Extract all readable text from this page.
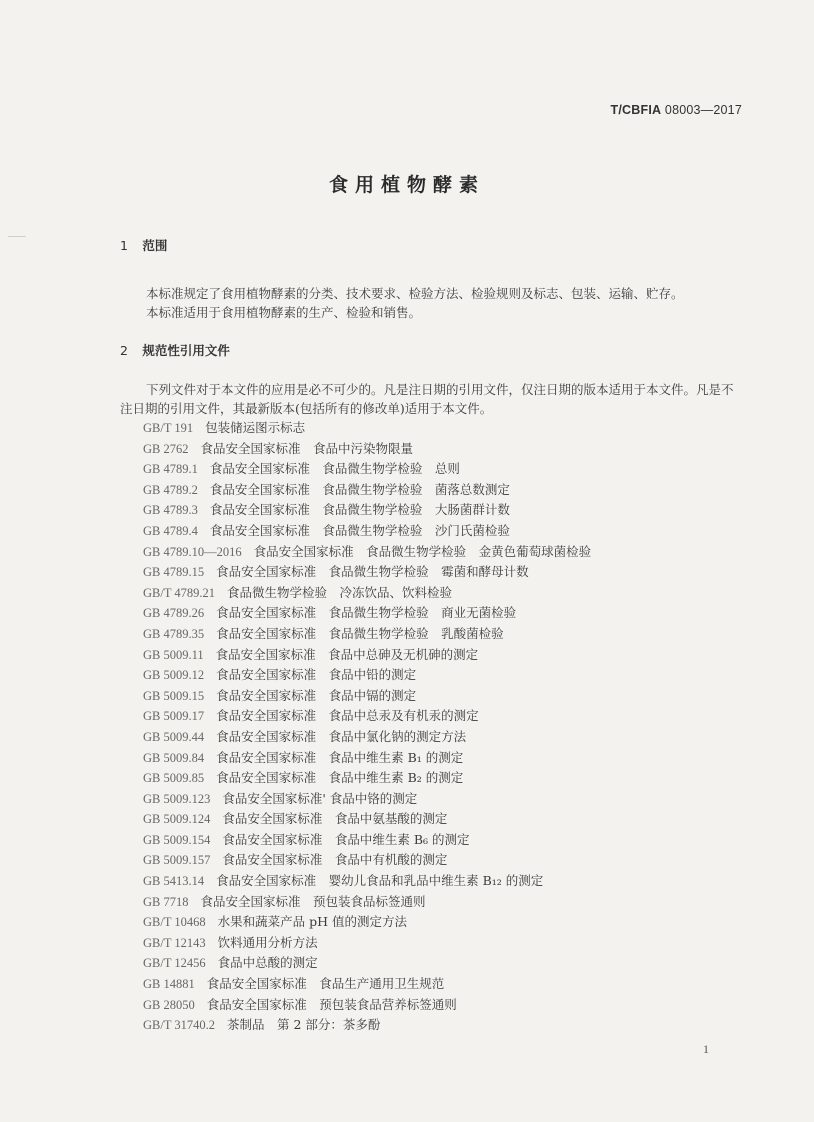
T/CBFIA 08003—2017
食用植物酵素
1 范围
本标准规定了食用植物酵素的分类、技术要求、检验方法、检验规则及标志、包装、运输、贮存。
本标准适用于食用植物酵素的生产、检验和销售。
2 规范性引用文件
下列文件对于本文件的应用是必不可少的。凡是注日期的引用文件，仅注日期的版本适用于本文件。凡是不注日期的引用文件，其最新版本(包括所有的修改单)适用于本文件。
GB/T 191 包装储运图示标志
GB 2762 食品安全国家标准　食品中污染物限量
GB 4789.1 食品安全国家标准　食品微生物学检验　总则
GB 4789.2 食品安全国家标准　食品微生物学检验　菌落总数测定
GB 4789.3 食品安全国家标准　食品微生物学检验　大肠菌群计数
GB 4789.4 食品安全国家标准　食品微生物学检验　沙门氏菌检验
GB 4789.10—2016 食品安全国家标准　食品微生物学检验　金黄色葡萄球菌检验
GB 4789.15 食品安全国家标准　食品微生物学检验　霉菌和酵母计数
GB/T 4789.21 食品微生物学检验　冷冻饮品、饮料检验
GB 4789.26 食品安全国家标准　食品微生物学检验　商业无菌检验
GB 4789.35 食品安全国家标准　食品微生物学检验　乳酸菌检验
GB 5009.11 食品安全国家标准　食品中总砷及无机砷的测定
GB 5009.12 食品安全国家标准　食品中铅的测定
GB 5009.15 食品安全国家标准　食品中镉的测定
GB 5009.17 食品安全国家标准　食品中总汞及有机汞的测定
GB 5009.44 食品安全国家标准　食品中氯化钠的测定方法
GB 5009.84 食品安全国家标准　食品中维生素 B₁ 的测定
GB 5009.85 食品安全国家标准　食品中维生素 B₂ 的测定
GB 5009.123 食品安全国家标准' 食品中铬的测定
GB 5009.124 食品安全国家标准　食品中氨基酸的测定
GB 5009.154 食品安全国家标准　食品中维生素 B₆ 的测定
GB 5009.157 食品安全国家标准　食品中有机酸的测定
GB 5413.14 食品安全国家标准　婴幼儿食品和乳品中维生素 B₁₂ 的测定
GB 7718 食品安全国家标准　预包装食品标签通则
GB/T 10468 水果和蔬菜产品 pH 值的测定方法
GB/T 12143 饮料通用分析方法
GB/T 12456 食品中总酸的测定
GB 14881 食品安全国家标准　食品生产通用卫生规范
GB 28050 食品安全国家标准　预包装食品营养标签通则
GB/T 31740.2 茶制品　第 2 部分：茶多酚
1
